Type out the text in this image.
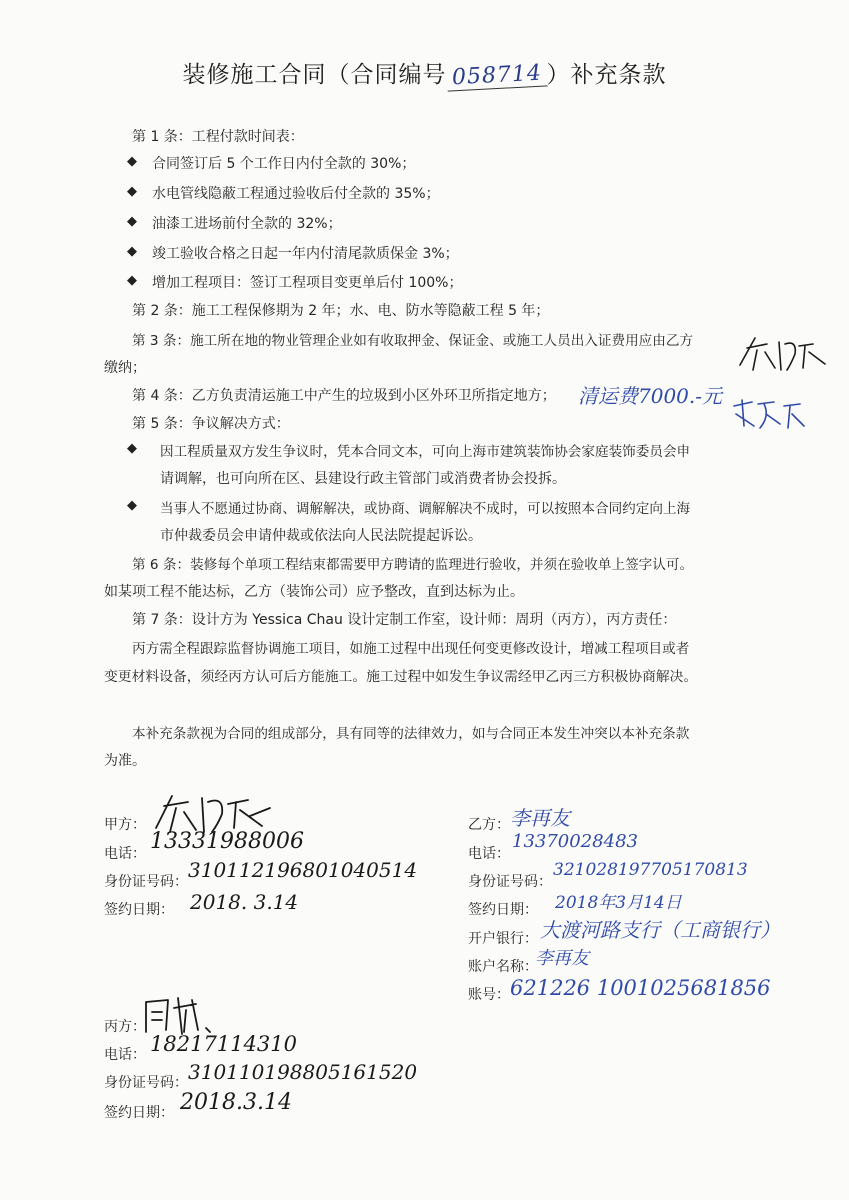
装修施工合同（合同编号 058714 ）补充条款
第 1 条：工程付款时间表：
◆ 合同签订后 5 个工作日内付全款的 30%；
◆ 水电管线隐蔽工程通过验收后付全款的 35%；
◆ 油漆工进场前付全款的 32%；
◆ 竣工验收合格之日起一年内付清尾款质保金 3%；
◆ 增加工程项目：签订工程项目变更单后付 100%；
第 2 条：施工工程保修期为 2 年；水、电、防水等隐蔽工程 5 年；
第 3 条：施工所在地的物业管理企业如有收取押金、保证金、或施工人员出入证费用应由乙方
缴纳；
第 4 条：乙方负责清运施工中产生的垃圾到小区外环卫所指定地方； 清运费7000.-元
第 5 条：争议解决方式：
◆ 因工程质量双方发生争议时，凭本合同文本，可向上海市建筑装饰协会家庭装饰委员会申
请调解，也可向所在区、县建设行政主管部门或消费者协会投拆。
◆ 当事人不愿通过协商、调解解决，或协商、调解解决不成时，可以按照本合同约定向上海
市仲裁委员会申请仲裁或依法向人民法院提起诉讼。
第 6 条：装修每个单项工程结束都需要甲方聘请的监理进行验收，并须在验收单上签字认可。
如某项工程不能达标，乙方（装饰公司）应予整改，直到达标为止。
第 7 条：设计方为 Yessica Chau 设计定制工作室，设计师：周玥（丙方），丙方责任：
丙方需全程跟踪监督协调施工项目，如施工过程中出现任何变更修改设计，增减工程项目或者
变更材料设备，须经丙方认可后方能施工。施工过程中如发生争议需经甲乙丙三方积极协商解决。
本补充条款视为合同的组成部分，具有同等的法律效力，如与合同正本发生冲突以本补充条款
为准。
甲方：
电话： 13331988006
身份证号码： 310112196801040514
签约日期： 2018. 3.14
乙方： 李再友
电话：
13370028483
身份证号码：
321028197705170813
签约日期： 2018年3月14日
开户银行： 大渡河路支行（工商银行）
账户名称：
李再友
账号： 621226 1001025681856
丙方：
电话： 18217114310
身份证号码： 310110198805161520
签约日期： 2018.3.14
